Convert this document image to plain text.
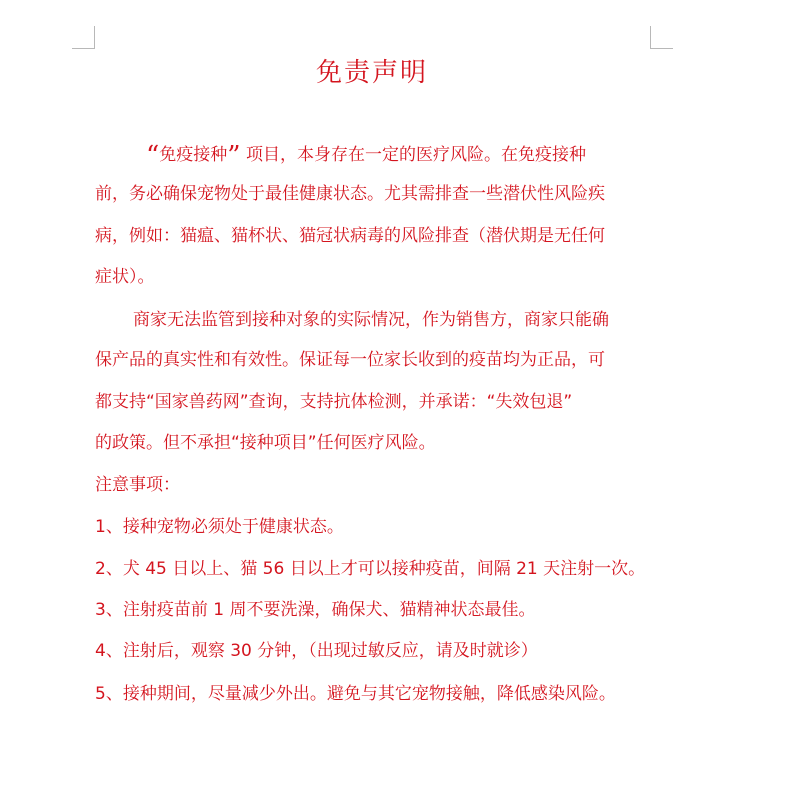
免责声明
“免疫接种” 项目，本身存在一定的医疗风险。在免疫接种
前，务必确保宠物处于最佳健康状态。尤其需排查一些潜伏性风险疾
病，例如：猫瘟、猫杯状、猫冠状病毒的风险排查（潜伏期是无任何
症状）。
商家无法监管到接种对象的实际情况，作为销售方，商家只能确
保产品的真实性和有效性。保证每一位家长收到的疫苗均为正品，可
都支持“国家兽药网”查询，支持抗体检测，并承诺：“失效包退”
的政策。但不承担“接种项目”任何医疗风险。
注意事项：
1、接种宠物必须处于健康状态。
2、犬 45 日以上、猫 56 日以上才可以接种疫苗，间隔 21 天注射一次。
3、注射疫苗前 1 周不要洗澡，确保犬、猫精神状态最佳。
4、注射后，观察 30 分钟，（出现过敏反应，请及时就诊）
5、接种期间，尽量减少外出。避免与其它宠物接触，降低感染风险。
